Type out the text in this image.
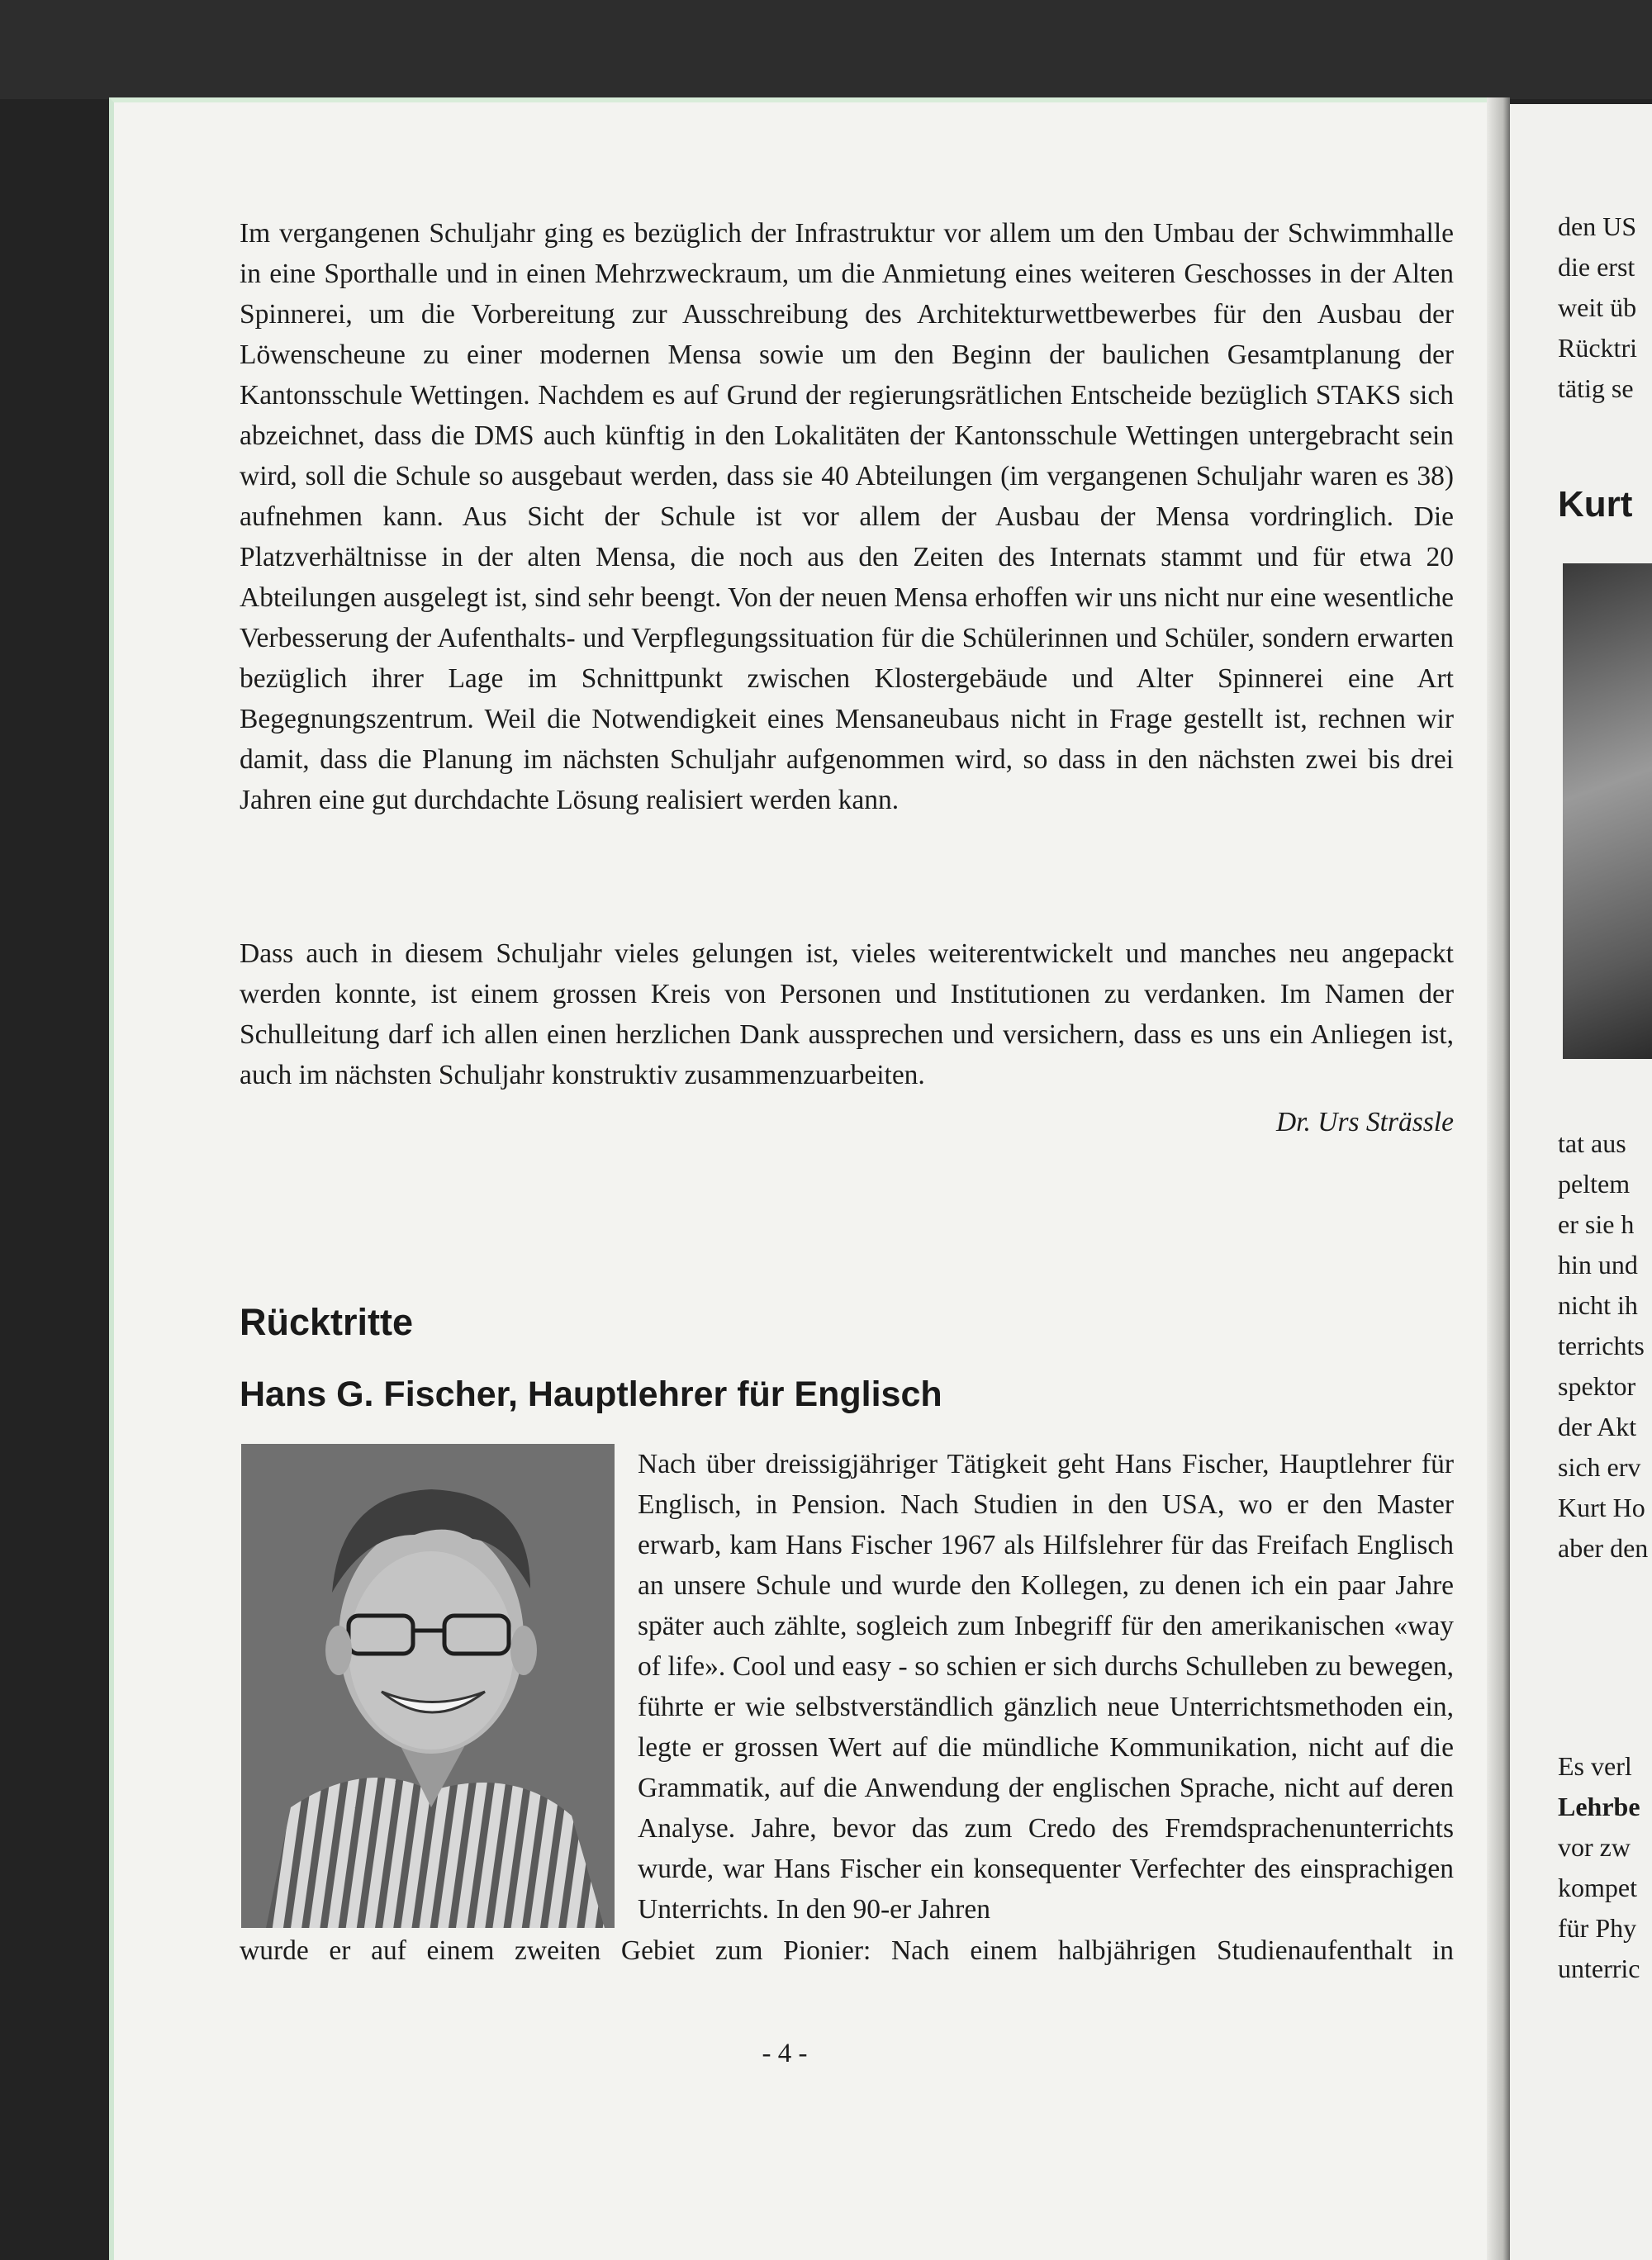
Im vergangenen Schuljahr ging es bezüglich der Infrastruktur vor allem um den Umbau der Schwimmhalle in eine Sporthalle und in einen Mehrzweckraum, um die Anmietung eines weiteren Geschosses in der Alten Spinnerei, um die Vorbereitung zur Ausschreibung des Architekturwettbewerbes für den Ausbau der Löwenscheune zu einer modernen Mensa sowie um den Beginn der baulichen Gesamtplanung der Kantonsschule Wettingen. Nachdem es auf Grund der regierungsrätlichen Entscheide bezüglich STAKS sich abzeichnet, dass die DMS auch künftig in den Lokalitäten der Kantonsschule Wettingen untergebracht sein wird, soll die Schule so ausgebaut werden, dass sie 40 Abteilungen (im vergangenen Schuljahr waren es 38) aufnehmen kann. Aus Sicht der Schule ist vor allem der Ausbau der Mensa vordringlich. Die Platzverhältnisse in der alten Mensa, die noch aus den Zeiten des Internats stammt und für etwa 20 Abteilungen ausgelegt ist, sind sehr beengt. Von der neuen Mensa erhoffen wir uns nicht nur eine wesentliche Verbesserung der Aufenthalts- und Verpflegungssituation für die Schülerinnen und Schüler, sondern erwarten bezüglich ihrer Lage im Schnittpunkt zwischen Klostergebäude und Alter Spinnerei eine Art Begegnungszentrum. Weil die Notwendigkeit eines Mensaneubaus nicht in Frage gestellt ist, rechnen wir damit, dass die Planung im nächsten Schuljahr aufgenommen wird, so dass in den nächsten zwei bis drei Jahren eine gut durchdachte Lösung realisiert werden kann.

Dass auch in diesem Schuljahr vieles gelungen ist, vieles weiterentwickelt und manches neu angepackt werden konnte, ist einem grossen Kreis von Personen und Institutionen zu verdanken. Im Namen der Schulleitung darf ich allen einen herzlichen Dank aussprechen und versichern, dass es uns ein Anliegen ist, auch im nächsten Schuljahr konstruktiv zusammenzuarbeiten.

Dr. Urs Strässle

Rücktritte
Hans G. Fischer, Hauptlehrer für Englisch

Nach über dreissigjähriger Tätigkeit geht Hans Fischer, Hauptlehrer für Englisch, in Pension. Nach Studien in den USA, wo er den Master erwarb, kam Hans Fischer 1967 als Hilfslehrer für das Freifach Englisch an unsere Schule und wurde den Kollegen, zu denen ich ein paar Jahre später auch zählte, sogleich zum Inbegriff für den amerikanischen «way of life». Cool und easy - so schien er sich durchs Schulleben zu bewegen, führte er wie selbstverständlich gänzlich neue Unterrichtsmethoden ein, legte er grossen Wert auf die mündliche Kommunikation, nicht auf die Grammatik, auf die Anwendung der englischen Sprache, nicht auf deren Analyse. Jahre, bevor das zum Credo des Fremdsprachenunterrichts wurde, war Hans Fischer ein konsequenter Verfechter des einsprachigen Unterrichts. In den 90-er Jahren

wurde er auf einem zweiten Gebiet zum Pionier: Nach einem halbjährigen Studienaufenthalt in

- 4 -

den US

die erst

weit üb

Rücktri

tätig se

Kurt

tat aus

peltem

er sie h

hin und

nicht ih

terrichts

spektor

der Akt

sich erv

Kurt Ho

aber den

Es verl

Lehrbe

vor zw

kompet

für Phy

unterric
